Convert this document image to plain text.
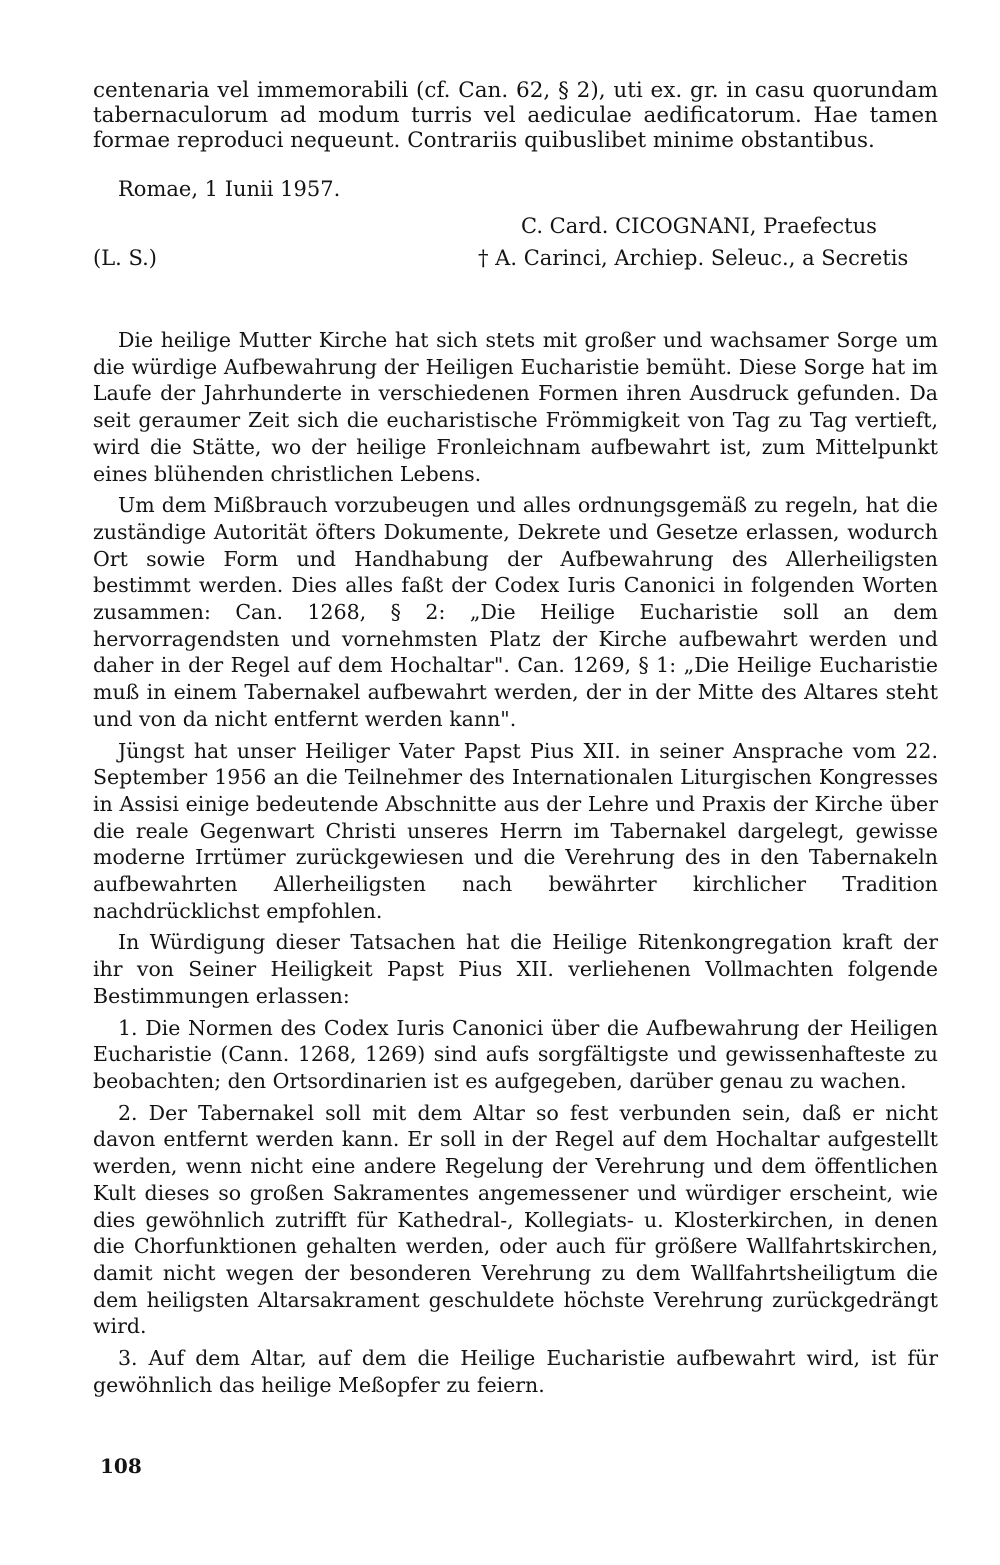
centenaria vel immemorabili (cf. Can. 62, § 2), uti ex. gr. in casu quorundam tabernaculorum ad modum turris vel aediculae aedificatorum. Hae tamen formae reproduci nequeunt. Contrariis quibuslibet minime obstantibus.

Romae, 1 Iunii 1957.
C. Card. CICOGNANI, Praefectus
(L. S.)	† A. Carinci, Archiep. Seleuc., a Secretis

Die heilige Mutter Kirche hat sich stets mit großer und wachsamer Sorge um die würdige Aufbewahrung der Heiligen Eucharistie bemüht. Diese Sorge hat im Laufe der Jahrhunderte in verschiedenen Formen ihren Ausdruck gefunden. Da seit geraumer Zeit sich die eucharistische Frömmigkeit von Tag zu Tag vertieft, wird die Stätte, wo der heilige Fronleichnam aufbewahrt ist, zum Mittelpunkt eines blühenden christlichen Lebens.

Um dem Mißbrauch vorzubeugen und alles ordnungsgemäß zu regeln, hat die zuständige Autorität öfters Dokumente, Dekrete und Gesetze erlassen, wodurch Ort sowie Form und Handhabung der Aufbewahrung des Allerheiligsten bestimmt werden. Dies alles faßt der Codex Iuris Canonici in folgenden Worten zusammen: Can. 1268, § 2: „Die Heilige Eucharistie soll an dem hervorragendsten und vornehmsten Platz der Kirche aufbewahrt werden und daher in der Regel auf dem Hochaltar". Can. 1269, § 1: „Die Heilige Eucharistie muß in einem Tabernakel aufbewahrt werden, der in der Mitte des Altares steht und von da nicht entfernt werden kann".

Jüngst hat unser Heiliger Vater Papst Pius XII. in seiner Ansprache vom 22. September 1956 an die Teilnehmer des Internationalen Liturgischen Kongresses in Assisi einige bedeutende Abschnitte aus der Lehre und Praxis der Kirche über die reale Gegenwart Christi unseres Herrn im Tabernakel dargelegt, gewisse moderne Irrtümer zurückgewiesen und die Verehrung des in den Tabernakeln aufbewahrten Allerheiligsten nach bewährter kirchlicher Tradition nachdrücklichst empfohlen.

In Würdigung dieser Tatsachen hat die Heilige Ritenkongregation kraft der ihr von Seiner Heiligkeit Papst Pius XII. verliehenen Vollmachten folgende Bestimmungen erlassen:

1. Die Normen des Codex Iuris Canonici über die Aufbewahrung der Heiligen Eucharistie (Cann. 1268, 1269) sind aufs sorgfältigste und gewissenhafteste zu beobachten; den Ortsordinarien ist es aufgegeben, darüber genau zu wachen.

2. Der Tabernakel soll mit dem Altar so fest verbunden sein, daß er nicht davon entfernt werden kann. Er soll in der Regel auf dem Hochaltar aufgestellt werden, wenn nicht eine andere Regelung der Verehrung und dem öffentlichen Kult dieses so großen Sakramentes angemessener und würdiger erscheint, wie dies gewöhnlich zutrifft für Kathedral-, Kollegiats- u. Klosterkirchen, in denen die Chorfunktionen gehalten werden, oder auch für größere Wallfahrtskirchen, damit nicht wegen der besonderen Verehrung zu dem Wallfahrtsheiligtum die dem heiligsten Altarsakrament geschuldete höchste Verehrung zurückgedrängt wird.

3. Auf dem Altar, auf dem die Heilige Eucharistie aufbewahrt wird, ist für gewöhnlich das heilige Meßopfer zu feiern.

108
